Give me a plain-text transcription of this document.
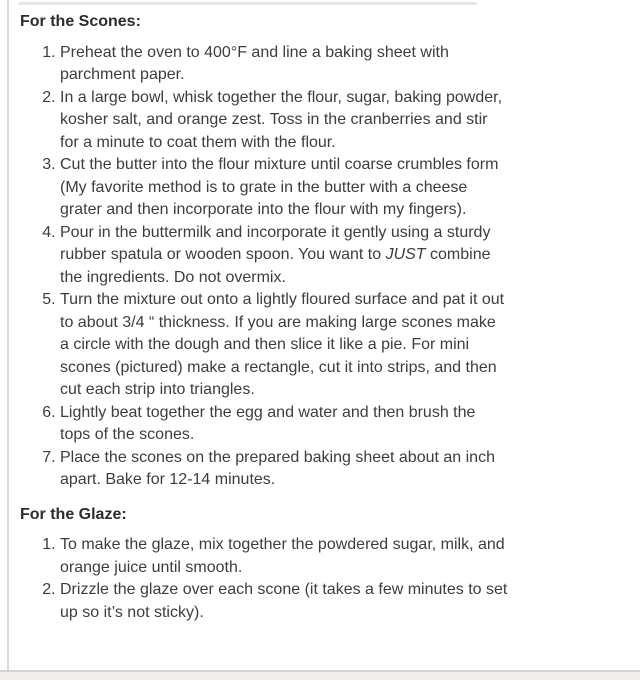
For the Scones:
1. Preheat the oven to 400°F and line a baking sheet with parchment paper.
2. In a large bowl, whisk together the flour, sugar, baking powder, kosher salt, and orange zest. Toss in the cranberries and stir for a minute to coat them with the flour.
3. Cut the butter into the flour mixture until coarse crumbles form (My favorite method is to grate in the butter with a cheese grater and then incorporate into the flour with my fingers).
4. Pour in the buttermilk and incorporate it gently using a sturdy rubber spatula or wooden spoon. You want to JUST combine the ingredients. Do not overmix.
5. Turn the mixture out onto a lightly floured surface and pat it out to about 3/4 “ thickness. If you are making large scones make a circle with the dough and then slice it like a pie. For mini scones (pictured) make a rectangle, cut it into strips, and then cut each strip into triangles.
6. Lightly beat together the egg and water and then brush the tops of the scones.
7. Place the scones on the prepared baking sheet about an inch apart. Bake for 12-14 minutes.
For the Glaze:
1. To make the glaze, mix together the powdered sugar, milk, and orange juice until smooth.
2. Drizzle the glaze over each scone (it takes a few minutes to set up so it’s not sticky).
